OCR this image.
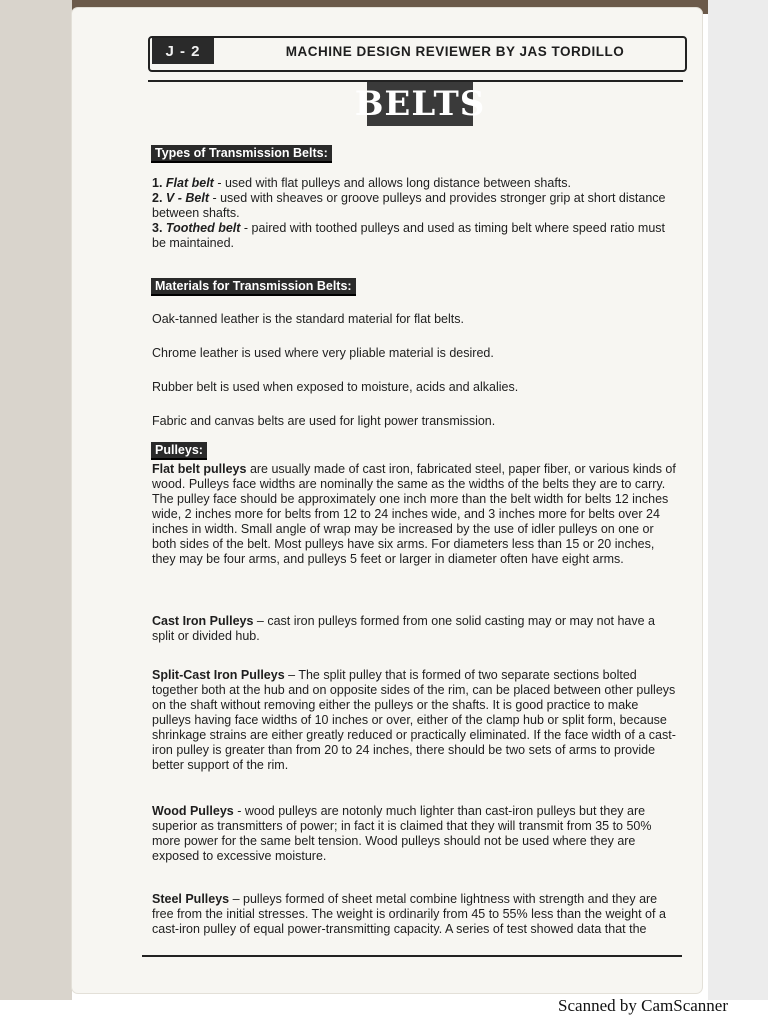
J - 2	MACHINE DESIGN REVIEWER BY JAS TORDILLO
BELTS
Types of Transmission Belts:

1. Flat belt - used with flat pulleys and allows long distance between shafts.

2. V - Belt - used with sheaves or groove pulleys and provides stronger grip at short distance between shafts.

3. Toothed belt - paired with toothed pulleys and used as timing belt where speed ratio must be maintained.

Materials for Transmission Belts:
Oak-tanned leather is the standard material for flat belts.
Chrome leather is used where very pliable material is desired.
Rubber belt is used when exposed to moisture, acids and alkalies.
Fabric and canvas belts are used for light power transmission.
Pulleys:
Flat belt pulleys are usually made of cast iron, fabricated steel, paper fiber, or various kinds of wood. Pulleys face widths are nominally the same as the widths of the belts they are to carry. The pulley face should be approximately one inch more than the belt width for belts 12 inches wide, 2 inches more for belts from 12 to 24 inches wide, and 3 inches more for belts over 24 inches in width. Small angle of wrap may be increased by the use of idler pulleys on one or both sides of the belt. Most pulleys have six arms. For diameters less than 15 or 20 inches, they may be four arms, and pulleys 5 feet or larger in diameter often have eight arms.
Cast Iron Pulleys – cast iron pulleys formed from one solid casting may or may not have a split or divided hub.
Split-Cast Iron Pulleys – The split pulley that is formed of two separate sections bolted together both at the hub and on opposite sides of the rim, can be placed between other pulleys on the shaft without removing either the pulleys or the shafts. It is good practice to make pulleys having face widths of 10 inches or over, either of the clamp hub or split form, because shrinkage strains are either greatly reduced or practically eliminated. If the face width of a cast-iron pulley is greater than from 20 to 24 inches, there should be two sets of arms to provide better support of the rim.
Wood Pulleys - wood pulleys are notonly much lighter than cast-iron pulleys but they are superior as transmitters of power; in fact it is claimed that they will transmit from 35 to 50% more power for the same belt tension. Wood pulleys should not be used where they are exposed to excessive moisture.
Steel Pulleys – pulleys formed of sheet metal combine lightness with strength and they are free from the initial stresses. The weight is ordinarily from 45 to 55% less than the weight of a cast-iron pulley of equal power-transmitting capacity. A series of test showed data that the
Scanned by CamScanner
